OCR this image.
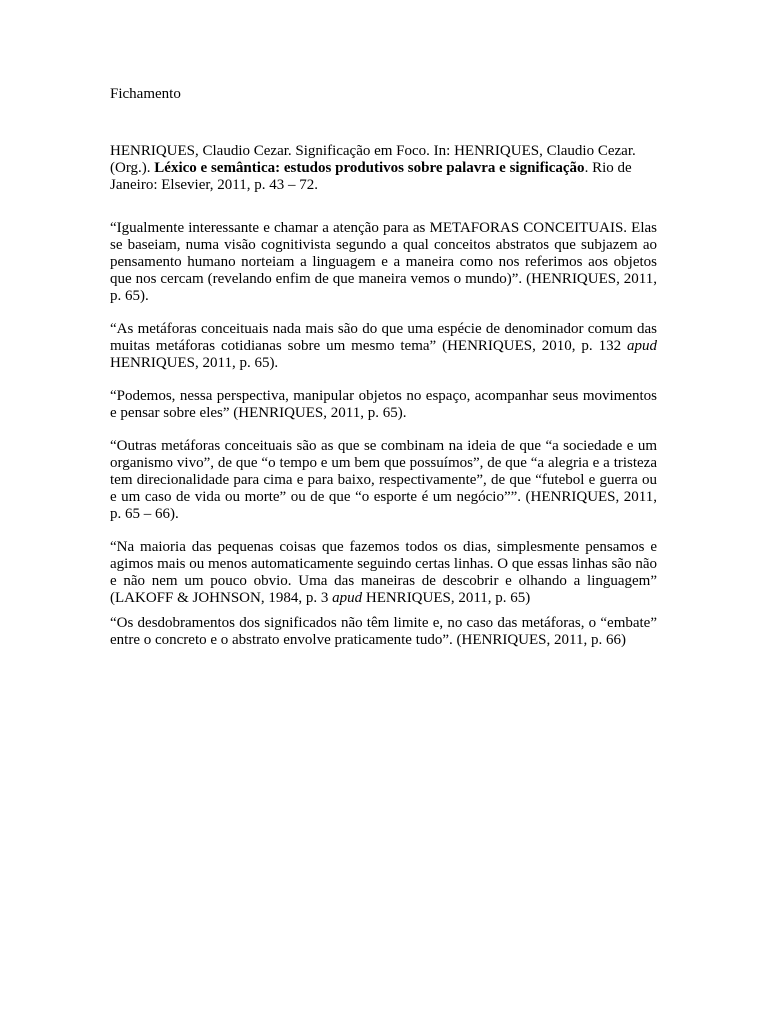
Fichamento
HENRIQUES, Claudio Cezar. Significação em Foco. In: HENRIQUES, Claudio Cezar. (Org.). Léxico e semântica: estudos produtivos sobre palavra e significação. Rio de Janeiro: Elsevier, 2011, p. 43 – 72.

“Igualmente interessante e chamar a atenção para as METAFORAS CONCEITUAIS. Elas se baseiam, numa visão cognitivista segundo a qual conceitos abstratos que subjazem ao pensamento humano norteiam a linguagem e a maneira como nos referimos aos objetos que nos cercam (revelando enfim de que maneira vemos o mundo)”. (HENRIQUES, 2011, p. 65).

“As metáforas conceituais nada mais são do que uma espécie de denominador comum das muitas metáforas cotidianas sobre um mesmo tema” (HENRIQUES, 2010, p. 132 apud HENRIQUES, 2011, p. 65).

“Podemos, nessa perspectiva, manipular objetos no espaço, acompanhar seus movimentos e pensar sobre eles” (HENRIQUES, 2011, p. 65).

“Outras metáforas conceituais são as que se combinam na ideia de que “a sociedade e um organismo vivo”, de que “o tempo e um bem que possuímos”, de que “a alegria e a tristeza tem direcionalidade para cima e para baixo, respectivamente”, de que “futebol e guerra ou e um caso de vida ou morte” ou de que “o esporte é um negócio””. (HENRIQUES, 2011, p. 65 – 66).

“Na maioria das pequenas coisas que fazemos todos os dias, simplesmente pensamos e agimos mais ou menos automaticamente seguindo certas linhas. O que essas linhas são não e não nem um pouco obvio. Uma das maneiras de descobrir e olhando a linguagem” (LAKOFF & JOHNSON, 1984, p. 3 apud HENRIQUES, 2011, p. 65)

“Os desdobramentos dos significados não têm limite e, no caso das metáforas, o “embate” entre o concreto e o abstrato envolve praticamente tudo”. (HENRIQUES, 2011, p. 66)
